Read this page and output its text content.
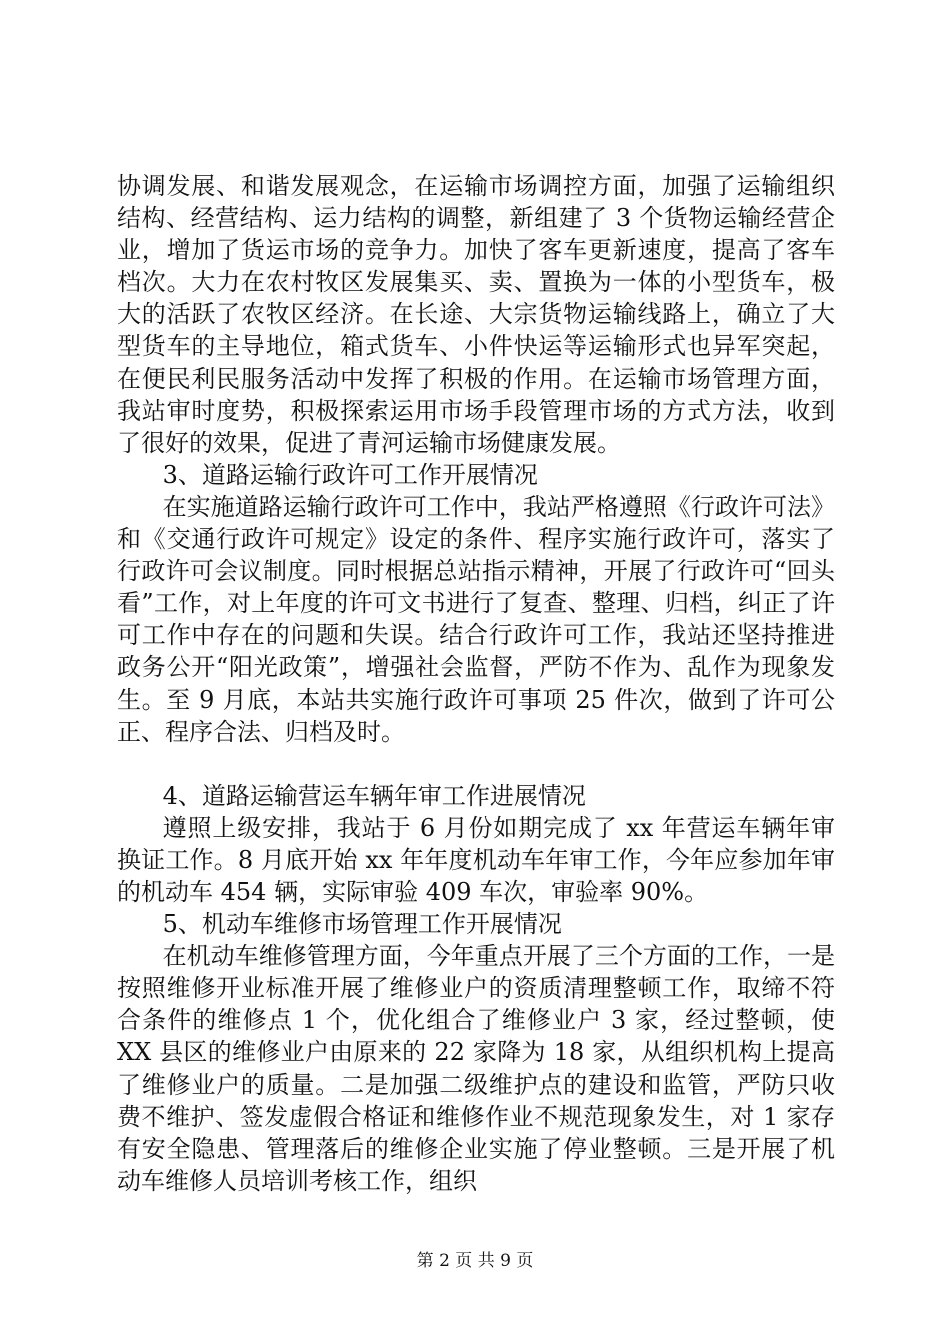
协调发展、和谐发展观念，在运输市场调控方面，加强了运输组织结构、经营结构、运力结构的调整，新组建了 3 个货物运输经营企业，增加了货运市场的竞争力。加快了客车更新速度，提高了客车档次。大力在农村牧区发展集买、卖、置换为一体的小型货车，极大的活跃了农牧区经济。在长途、大宗货物运输线路上，确立了大型货车的主导地位，箱式货车、小件快运等运输形式也异军突起，在便民利民服务活动中发挥了积极的作用。在运输市场管理方面，我站审时度势，积极探索运用市场手段管理市场的方式方法，收到了很好的效果，促进了青河运输市场健康发展。

3、道路运输行政许可工作开展情况

在实施道路运输行政许可工作中，我站严格遵照《行政许可法》和《交通行政许可规定》设定的条件、程序实施行政许可，落实了行政许可会议制度。同时根据总站指示精神，开展了行政许可“回头看”工作，对上年度的许可文书进行了复查、整理、归档，纠正了许可工作中存在的问题和失误。结合行政许可工作，我站还坚持推进政务公开“阳光政策”，增强社会监督，严防不作为、乱作为现象发生。至 9 月底，本站共实施行政许可事项 25 件次，做到了许可公正、程序合法、归档及时。

4、道路运输营运车辆年审工作进展情况

遵照上级安排，我站于 6 月份如期完成了 xx 年营运车辆年审换证工作。8 月底开始 xx 年年度机动车年审工作，今年应参加年审的机动车 454 辆，实际审验 409 车次，审验率 90%。

5、机动车维修市场管理工作开展情况

在机动车维修管理方面，今年重点开展了三个方面的工作，一是按照维修开业标准开展了维修业户的资质清理整顿工作，取缔不符合条件的维修点 1 个，优化组合了维修业户 3 家，经过整顿，使 XX 县区的维修业户由原来的 22 家降为 18 家，从组织机构上提高了维修业户的质量。二是加强二级维护点的建设和监管，严防只收费不维护、签发虚假合格证和维修作业不规范现象发生，对 1 家存有安全隐患、管理落后的维修企业实施了停业整顿。三是开展了机动车维修人员培训考核工作，组织

第 2 页 共 9 页
